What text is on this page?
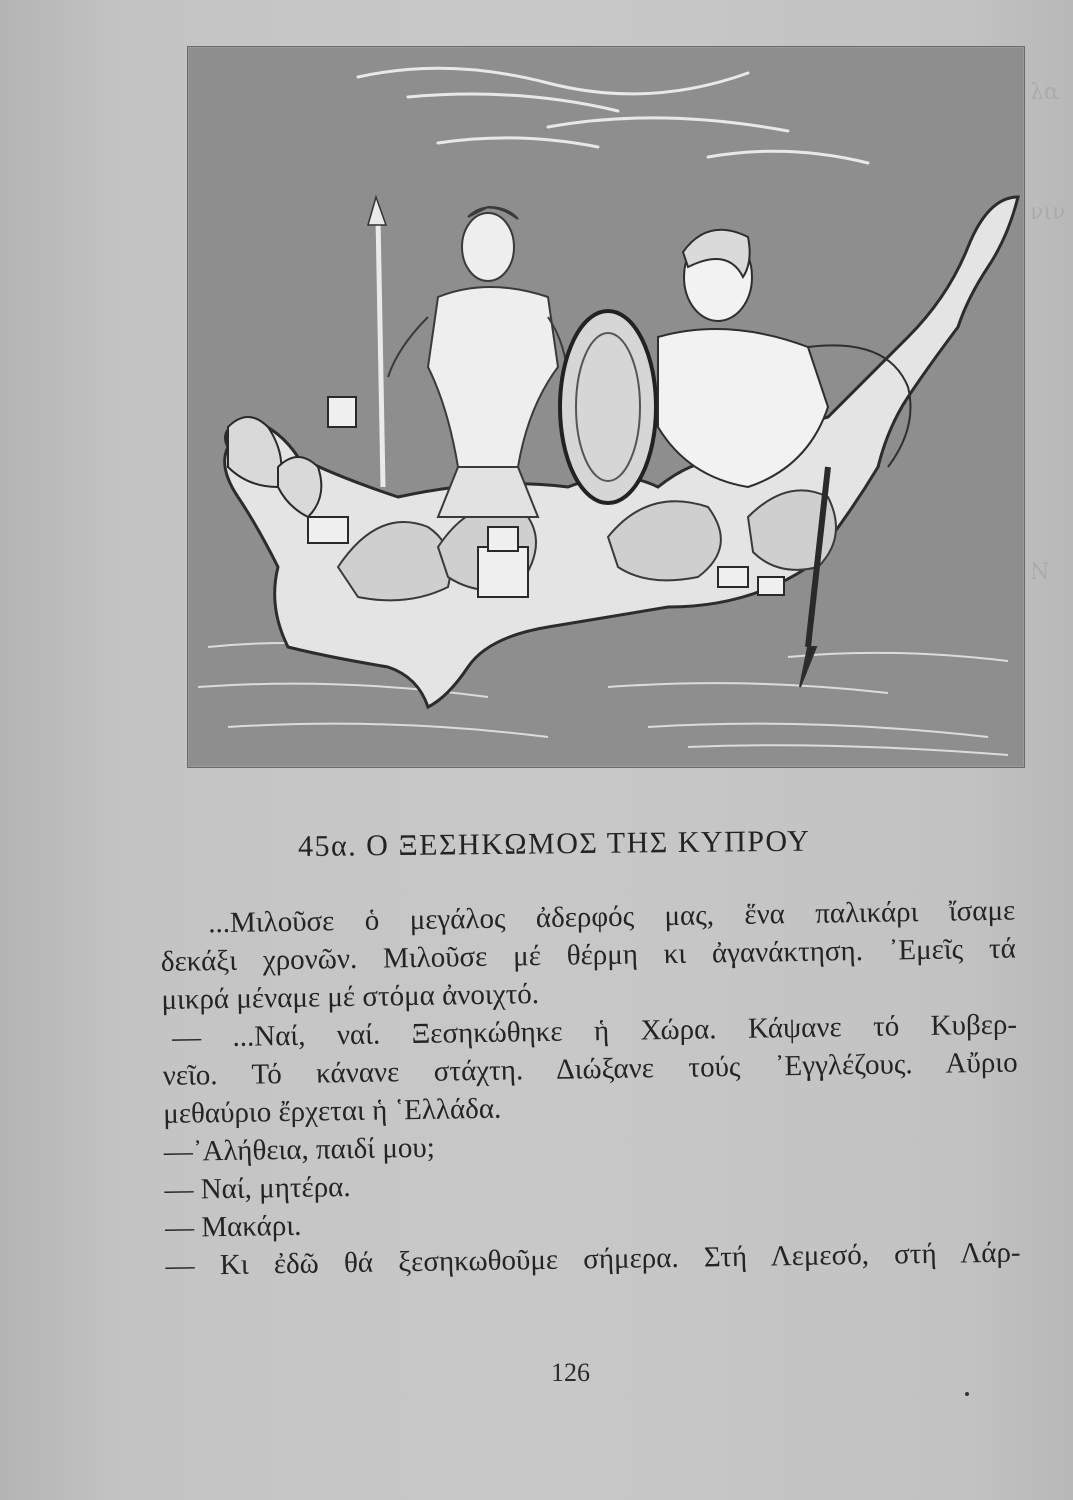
λα
νιν
Ν
45α. Ο ΞΕΣΗΚΩΜΟΣ ΤΗΣ ΚΥΠΡΟΥ
...Μιλοῦσε ὁ μεγάλος ἀδερφός μας, ἕνα παλικάρι ἴσαμε
δεκάξι χρονῶν. Μιλοῦσε μέ θέρμη κι ἀγανάκτηση. ᾿Εμεῖς τά
μικρά μέναμε μέ στόμα ἀνοιχτό.
— ...Ναί, ναί. Ξεσηκώθηκε ἡ Χώρα. Κάψανε τό Κυβερ-
νεῖο. Τό κάνανε στάχτη. Διώξανε τούς ᾿Εγγλέζους. Αὔριο
μεθαύριο ἔρχεται ἡ ῾Ελλάδα.
—᾿Αλήθεια, παιδί μου;
— Ναί, μητέρα.
— Μακάρι.
— Κι ἐδῶ θά ξεσηκωθοῦμε σήμερα. Στή Λεμεσό, στή Λάρ-
126
